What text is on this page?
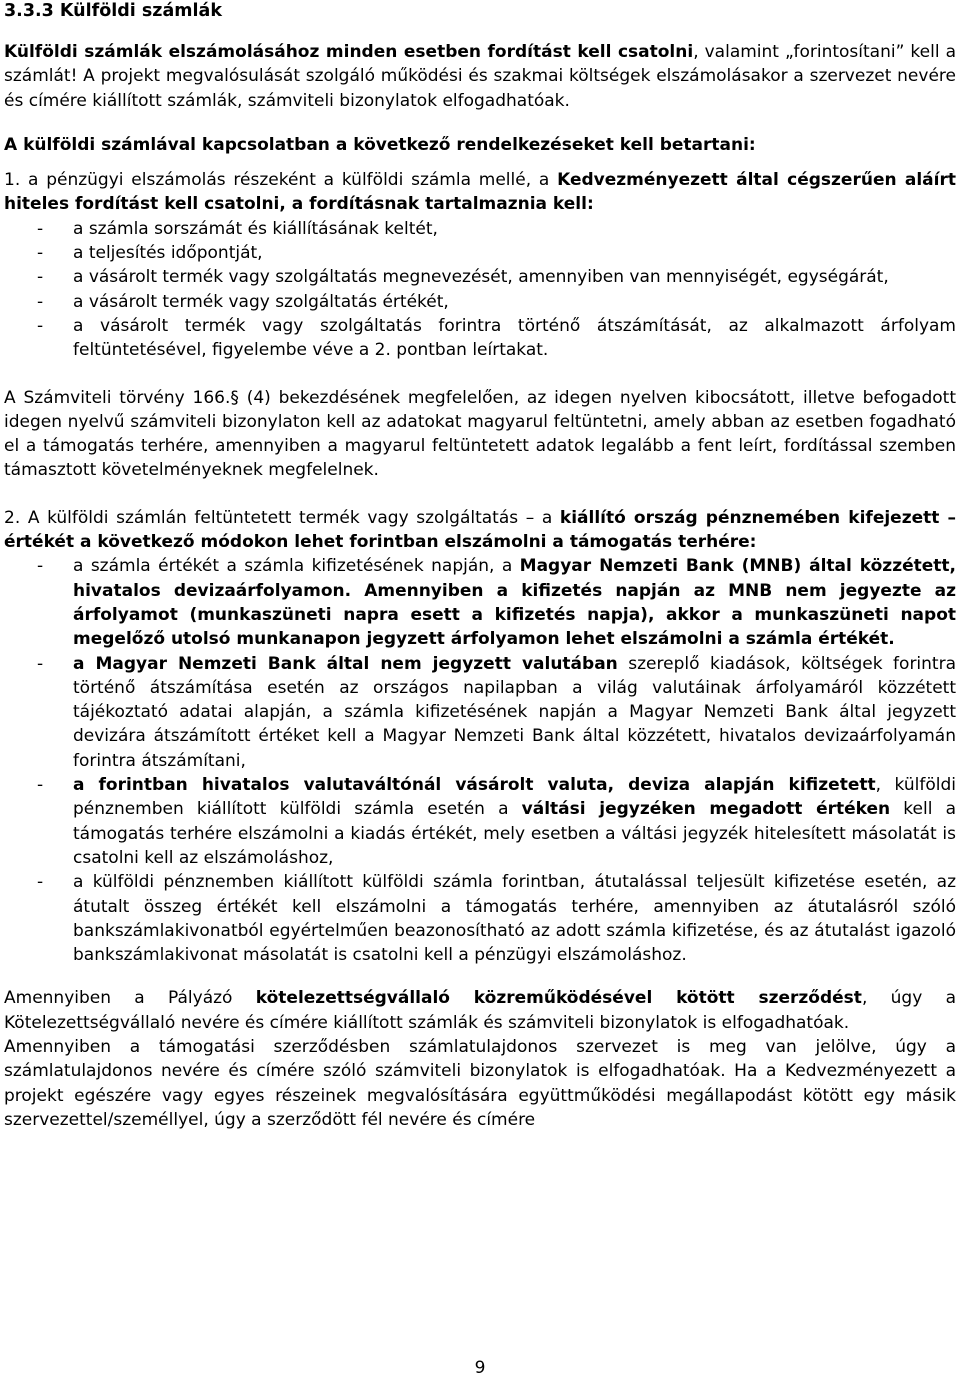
3.3.3 Külföldi számlák

Külföldi számlák elszámolásához minden esetben fordítást kell csatolni, valamint „forintosítani” kell a számlát! A projekt megvalósulását szolgáló működési és szakmai költségek elszámolásakor a szervezet nevére és címére kiállított számlák, számviteli bizonylatok elfogadhatóak.

A külföldi számlával kapcsolatban a következő rendelkezéseket kell betartani:

1. a pénzügyi elszámolás részeként a külföldi számla mellé, a Kedvezményezett által cégszerűen aláírt hiteles fordítást kell csatolni, a fordításnak tartalmaznia kell:

- a számla sorszámát és kiállításának keltét,
- a teljesítés időpontját,
- a vásárolt termék vagy szolgáltatás megnevezését, amennyiben van mennyiségét, egységárát,
- a vásárolt termék vagy szolgáltatás értékét,
- a vásárolt termék vagy szolgáltatás forintra történő átszámítását, az alkalmazott árfolyam feltüntetésével, figyelembe véve a 2. pontban leírtakat.

A Számviteli törvény 166.§ (4) bekezdésének megfelelően, az idegen nyelven kibocsátott, illetve befogadott idegen nyelvű számviteli bizonylaton kell az adatokat magyarul feltüntetni, amely abban az esetben fogadható el a támogatás terhére, amennyiben a magyarul feltüntetett adatok legalább a fent leírt, fordítással szemben támasztott követelményeknek megfelelnek.

2. A külföldi számlán feltüntetett termék vagy szolgáltatás – a kiállító ország pénznemében kifejezett – értékét a következő módokon lehet forintban elszámolni a támogatás terhére:

- a számla értékét a számla kifizetésének napján, a Magyar Nemzeti Bank (MNB) által közzétett, hivatalos devizaárfolyamon. Amennyiben a kifizetés napján az MNB nem jegyezte az árfolyamot (munkaszüneti napra esett a kifizetés napja), akkor a munkaszüneti napot megelőző utolsó munkanapon jegyzett árfolyamon lehet elszámolni a számla értékét.
- a Magyar Nemzeti Bank által nem jegyzett valutában szereplő kiadások, költségek forintra történő átszámítása esetén az országos napilapban a világ valutáinak árfolyamáról közzétett tájékoztató adatai alapján, a számla kifizetésének napján a Magyar Nemzeti Bank által jegyzett devizára átszámított értéket kell a Magyar Nemzeti Bank által közzétett, hivatalos devizaárfolyamán forintra átszámítani,
- a forintban hivatalos valutaváltónál vásárolt valuta, deviza alapján kifizetett, külföldi pénznemben kiállított külföldi számla esetén a váltási jegyzéken megadott értéken kell a támogatás terhére elszámolni a kiadás értékét, mely esetben a váltási jegyzék hitelesített másolatát is csatolni kell az elszámoláshoz,
- a külföldi pénznemben kiállított külföldi számla forintban, átutalással teljesült kifizetése esetén, az átutalt összeg értékét kell elszámolni a támogatás terhére, amennyiben az átutalásról szóló bankszámlakivonatból egyértelműen beazonosítható az adott számla kifizetése, és az átutalást igazoló bankszámlakivonat másolatát is csatolni kell a pénzügyi elszámoláshoz.

Amennyiben a Pályázó kötelezettségvállaló közreműködésével kötött szerződést, úgy a Kötelezettségvállaló nevére és címére kiállított számlák és számviteli bizonylatok is elfogadhatóak.

Amennyiben a támogatási szerződésben számlatulajdonos szervezet is meg van jelölve, úgy a számlatulajdonos nevére és címére szóló számviteli bizonylatok is elfogadhatóak. Ha a Kedvezményezett a projekt egészére vagy egyes részeinek megvalósítására együttműködési megállapodást kötött egy másik szervezettel/személlyel, úgy a szerződött fél nevére és címére

9
